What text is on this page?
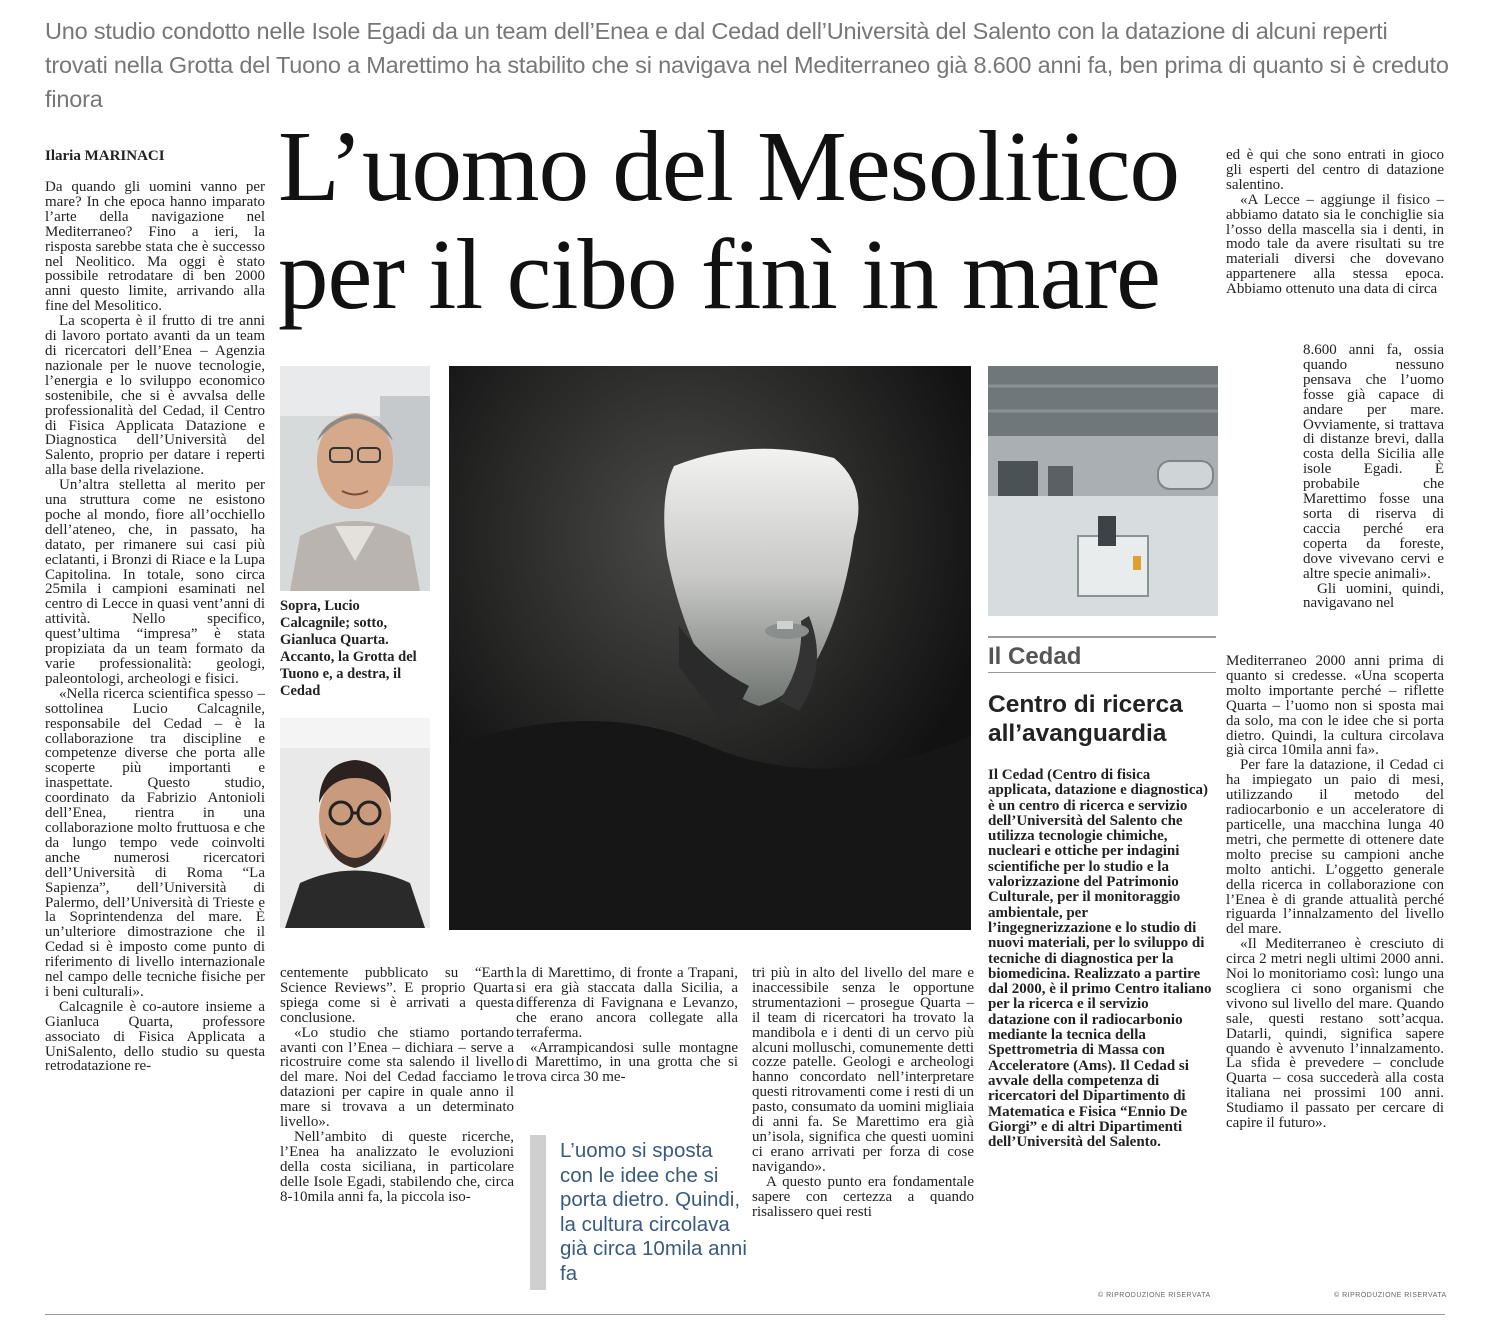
Uno studio condotto nelle Isole Egadi da un team dell’Enea e dal Cedad dell’Università del Salento con la datazione di alcuni reperti trovati nella Grotta del Tuono a Marettimo ha stabilito che si navigava nel Mediterraneo già 8.600 anni fa, ben prima di quanto si è creduto finora
L’uomo del Mesolitico
per il cibo finì in mare
Ilaria MARINACI

Da quando gli uomini vanno per mare? In che epoca hanno imparato l’arte della navigazione nel Mediterraneo? Fino a ieri, la risposta sarebbe stata che è successo nel Neolitico. Ma oggi è stato possibile retrodatare di ben 2000 anni questo limite, arrivando alla fine del Mesolitico.

La scoperta è il frutto di tre anni di lavoro portato avanti da un team di ricercatori dell’Enea – Agenzia nazionale per le nuove tecnologie, l’energia e lo sviluppo economico sostenibile, che si è avvalsa delle professionalità del Cedad, il Centro di Fisica Applicata Datazione e Diagnostica dell’Università del Salento, proprio per datare i reperti alla base della rivelazione.

Un’altra stelletta al merito per una struttura come ne esistono poche al mondo, fiore all’occhiello dell’ateneo, che, in passato, ha datato, per rimanere sui casi più eclatanti, i Bronzi di Riace e la Lupa Capitolina. In totale, sono circa 25mila i campioni esaminati nel centro di Lecce in quasi vent’anni di attività. Nello specifico, quest’ultima “impresa” è stata propiziata da un team formato da varie professionalità: geologi, paleontologi, archeologi e fisici.

«Nella ricerca scientifica spesso – sottolinea Lucio Calcagnile, responsabile del Cedad – è la collaborazione tra discipline e competenze diverse che porta alle scoperte più importanti e inaspettate. Questo studio, coordinato da Fabrizio Antonioli dell’Enea, rientra in una collaborazione molto fruttuosa e che da lungo tempo vede coinvolti anche numerosi ricercatori dell’Università di Roma “La Sapienza”, dell’Università di Palermo, dell’Università di Trieste e la Soprintendenza del mare. È un’ulteriore dimostrazione che il Cedad si è imposto come punto di riferimento di livello internazionale nel campo delle tecniche fisiche per i beni culturali».

Calcagnile è co-autore insieme a Gianluca Quarta, professore associato di Fisica Applicata a UniSalento, dello studio su questa retrodatazione re-

Sopra, Lucio Calcagnile; sotto, Gianluca Quarta. Accanto, la Grotta del Tuono e, a destra, il Cedad
Il Cedad
Centro di ricerca all’avanguardia
Il Cedad (Centro di fisica applicata, datazione e diagnostica) è un centro di ricerca e servizio dell’Università del Salento che utilizza tecnologie chimiche, nucleari e ottiche per indagini scientifiche per lo studio e la valorizzazione del Patrimonio Culturale, per il monitoraggio ambientale, per l’ingegnerizzazione e lo studio di nuovi materiali, per lo sviluppo di tecniche di diagnostica per la biomedicina. Realizzato a partire dal 2000, è il primo Centro italiano per la ricerca e il servizio datazione con il radiocarbonio mediante la tecnica della Spettrometria di Massa con Acceleratore (Ams). Il Cedad si avvale della competenza di ricercatori del Dipartimento di Matematica e Fisica “Ennio De Giorgi” e di altri Dipartimenti dell’Università del Salento.

centemente pubblicato su “Earth Science Reviews”. E proprio Quarta spiega come si è arrivati a questa conclusione.

«Lo studio che stiamo portando avanti con l’Enea – dichiara – serve a ricostruire come sta salendo il livello del mare. Noi del Cedad facciamo le datazioni per capire in quale anno il mare si trovava a un determinato livello».

Nell’ambito di queste ricerche, l’Enea ha analizzato le evoluzioni della costa siciliana, in particolare delle Isole Egadi, stabilendo che, circa 8-10mila anni fa, la piccola iso-

la di Marettimo, di fronte a Trapani, si era già staccata dalla Sicilia, a differenza di Favignana e Levanzo, che erano ancora collegate alla terraferma.

«Arrampicandosi sulle montagne di Marettimo, in una grotta che si trova circa 30 me-

L’uomo si sposta con le idee che si porta dietro. Quindi, la cultura circolava già circa 10mila anni fa

tri più in alto del livello del mare e inaccessibile senza le opportune strumentazioni – prosegue Quarta – il team di ricercatori ha trovato la mandibola e i denti di un cervo più alcuni molluschi, comunemente detti cozze patelle. Geologi e archeologi hanno concordato nell’interpretare questi ritrovamenti come i resti di un pasto, consumato da uomini migliaia di anni fa. Se Marettimo era già un’isola, significa che questi uomini ci erano arrivati per forza di cose navigando».

A questo punto era fondamentale sapere con certezza a quando risalissero quei resti

© RIPRODUZIONE RISERVATA

ed è qui che sono entrati in gioco gli esperti del centro di datazione salentino.

«A Lecce – aggiunge il fisico – abbiamo datato sia le conchiglie sia l’osso della mascella sia i denti, in modo tale da avere risultati su tre materiali diversi che dovevano appartenere alla stessa epoca. Abbiamo ottenuto una data di circa

8.600 anni fa, ossia quando nessuno pensava che l’uomo fosse già capace di andare per mare. Ovviamente, si trattava di distanze brevi, dalla costa della Sicilia alle isole Egadi. È probabile che Marettimo fosse una sorta di riserva di caccia perché era coperta da foreste, dove vivevano cervi e altre specie animali».

Gli uomini, quindi, navigavano nel

Mediterraneo 2000 anni prima di quanto si credesse. «Una scoperta molto importante perché – riflette Quarta – l’uomo non si sposta mai da solo, ma con le idee che si porta dietro. Quindi, la cultura circolava già circa 10mila anni fa».

Per fare la datazione, il Cedad ci ha impiegato un paio di mesi, utilizzando il metodo del radiocarbonio e un acceleratore di particelle, una macchina lunga 40 metri, che permette di ottenere date molto precise su campioni anche molto antichi. L’oggetto generale della ricerca in collaborazione con l’Enea è di grande attualità perché riguarda l’innalzamento del livello del mare.

«Il Mediterraneo è cresciuto di circa 2 metri negli ultimi 2000 anni. Noi lo monitoriamo così: lungo una scogliera ci sono organismi che vivono sul livello del mare. Quando sale, questi restano sott’acqua. Datarli, quindi, significa sapere quando è avvenuto l’innalzamento. La sfida è prevedere – conclude Quarta – cosa succederà alla costa italiana nei prossimi 100 anni. Studiamo il passato per cercare di capire il futuro».

© RIPRODUZIONE RISERVATA
